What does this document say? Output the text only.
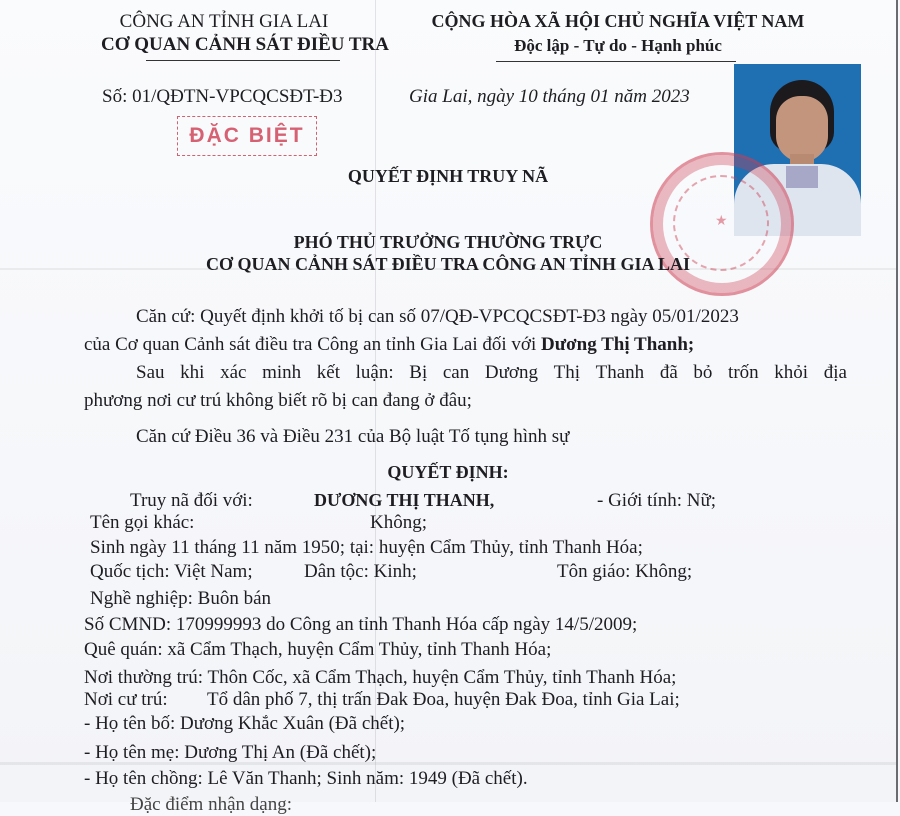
CÔNG AN TỈNH GIA LAI
CƠ QUAN CẢNH SÁT ĐIỀU TRA
CỘNG HÒA XÃ HỘI CHỦ NGHĨA VIỆT NAM
Độc lập - Tự do - Hạnh phúc
Số: 01/QĐTN-VPCQCSĐT-Đ3	Gia Lai, ngày 10 tháng 01 năm 2023
ĐẶC BIỆT
★
QUYẾT ĐỊNH TRUY NÃ
PHÓ THỦ TRƯỞNG THƯỜNG TRỰC
CƠ QUAN CẢNH SÁT ĐIỀU TRA CÔNG AN TỈNH GIA LAI
Căn cứ: Quyết định khởi tố bị can số 07/QĐ-VPCQCSĐT-Đ3 ngày 05/01/2023
của Cơ quan Cảnh sát điều tra Công an tỉnh Gia Lai đối với Dương Thị Thanh;
Sau khi xác minh kết luận: Bị can Dương Thị Thanh đã bỏ trốn khỏi địa
phương nơi cư trú không biết rõ bị can đang ở đâu;
Căn cứ Điều 36 và Điều 231 của Bộ luật Tố tụng hình sự
QUYẾT ĐỊNH:
Truy nã đối với:	DƯƠNG THỊ THANH,	- Giới tính: Nữ;
Tên gọi khác:	Không;
Sinh ngày 11 tháng 11 năm 1950; tại: huyện Cẩm Thủy, tỉnh Thanh Hóa;
Quốc tịch: Việt Nam;	Dân tộc: Kinh;	Tôn giáo: Không;
Nghề nghiệp: Buôn bán
Số CMND: 170999993 do Công an tỉnh Thanh Hóa cấp ngày 14/5/2009;
Quê quán: xã Cẩm Thạch, huyện Cẩm Thủy, tỉnh Thanh Hóa;
Nơi thường trú: Thôn Cốc, xã Cẩm Thạch, huyện Cẩm Thủy, tỉnh Thanh Hóa;
Nơi cư trú: Tổ dân phố 7, thị trấn Đak Đoa, huyện Đak Đoa, tỉnh Gia Lai;
- Họ tên bố: Dương Khắc Xuân (Đã chết);
- Họ tên mẹ: Dương Thị An (Đã chết);
- Họ tên chồng: Lê Văn Thanh; Sinh năm: 1949 (Đã chết).
Đặc điểm nhận dạng:
